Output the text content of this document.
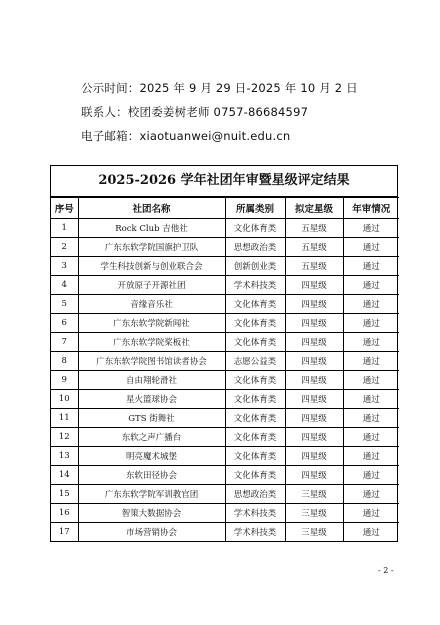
公示时间：2025 年 9 月 29 日-2025 年 10 月 2 日
联系人：校团委姜树老师 0757-86684597
电子邮箱：xiaotuanwei@nuit.edu.cn
2025-2026 学年社团年审暨星级评定结果
序号	社团名称	所属类别	拟定星级	年审情况
1	Rock Club 吉他社	文化体育类	五星级	通过
2	广东东软学院国旗护卫队	思想政治类	五星级	通过
3	学生科技创新与创业联合会	创新创业类	五星级	通过
4	开放原子开源社团	学术科技类	四星级	通过
5	音缘音乐社	文化体育类	四星级	通过
6	广东东软学院新闻社	文化体育类	四星级	通过
7	广东东软学院桨板社	文化体育类	四星级	通过
8	广东东软学院图书馆读者协会	志愿公益类	四星级	通过
9	自由翔轮滑社	文化体育类	四星级	通过
10	星火篮球协会	文化体育类	四星级	通过
11	GTS 街舞社	文化体育类	四星级	通过
12	东软之声广播台	文化体育类	四星级	通过
13	明亮魔术城堡	文化体育类	四星级	通过
14	东软田径协会	文化体育类	四星级	通过
15	广东东软学院军训教官团	思想政治类	三星级	通过
16	智策大数据协会	学术科技类	三星级	通过
17	市场营销协会	学术科技类	三星级	通过
- 2 -
